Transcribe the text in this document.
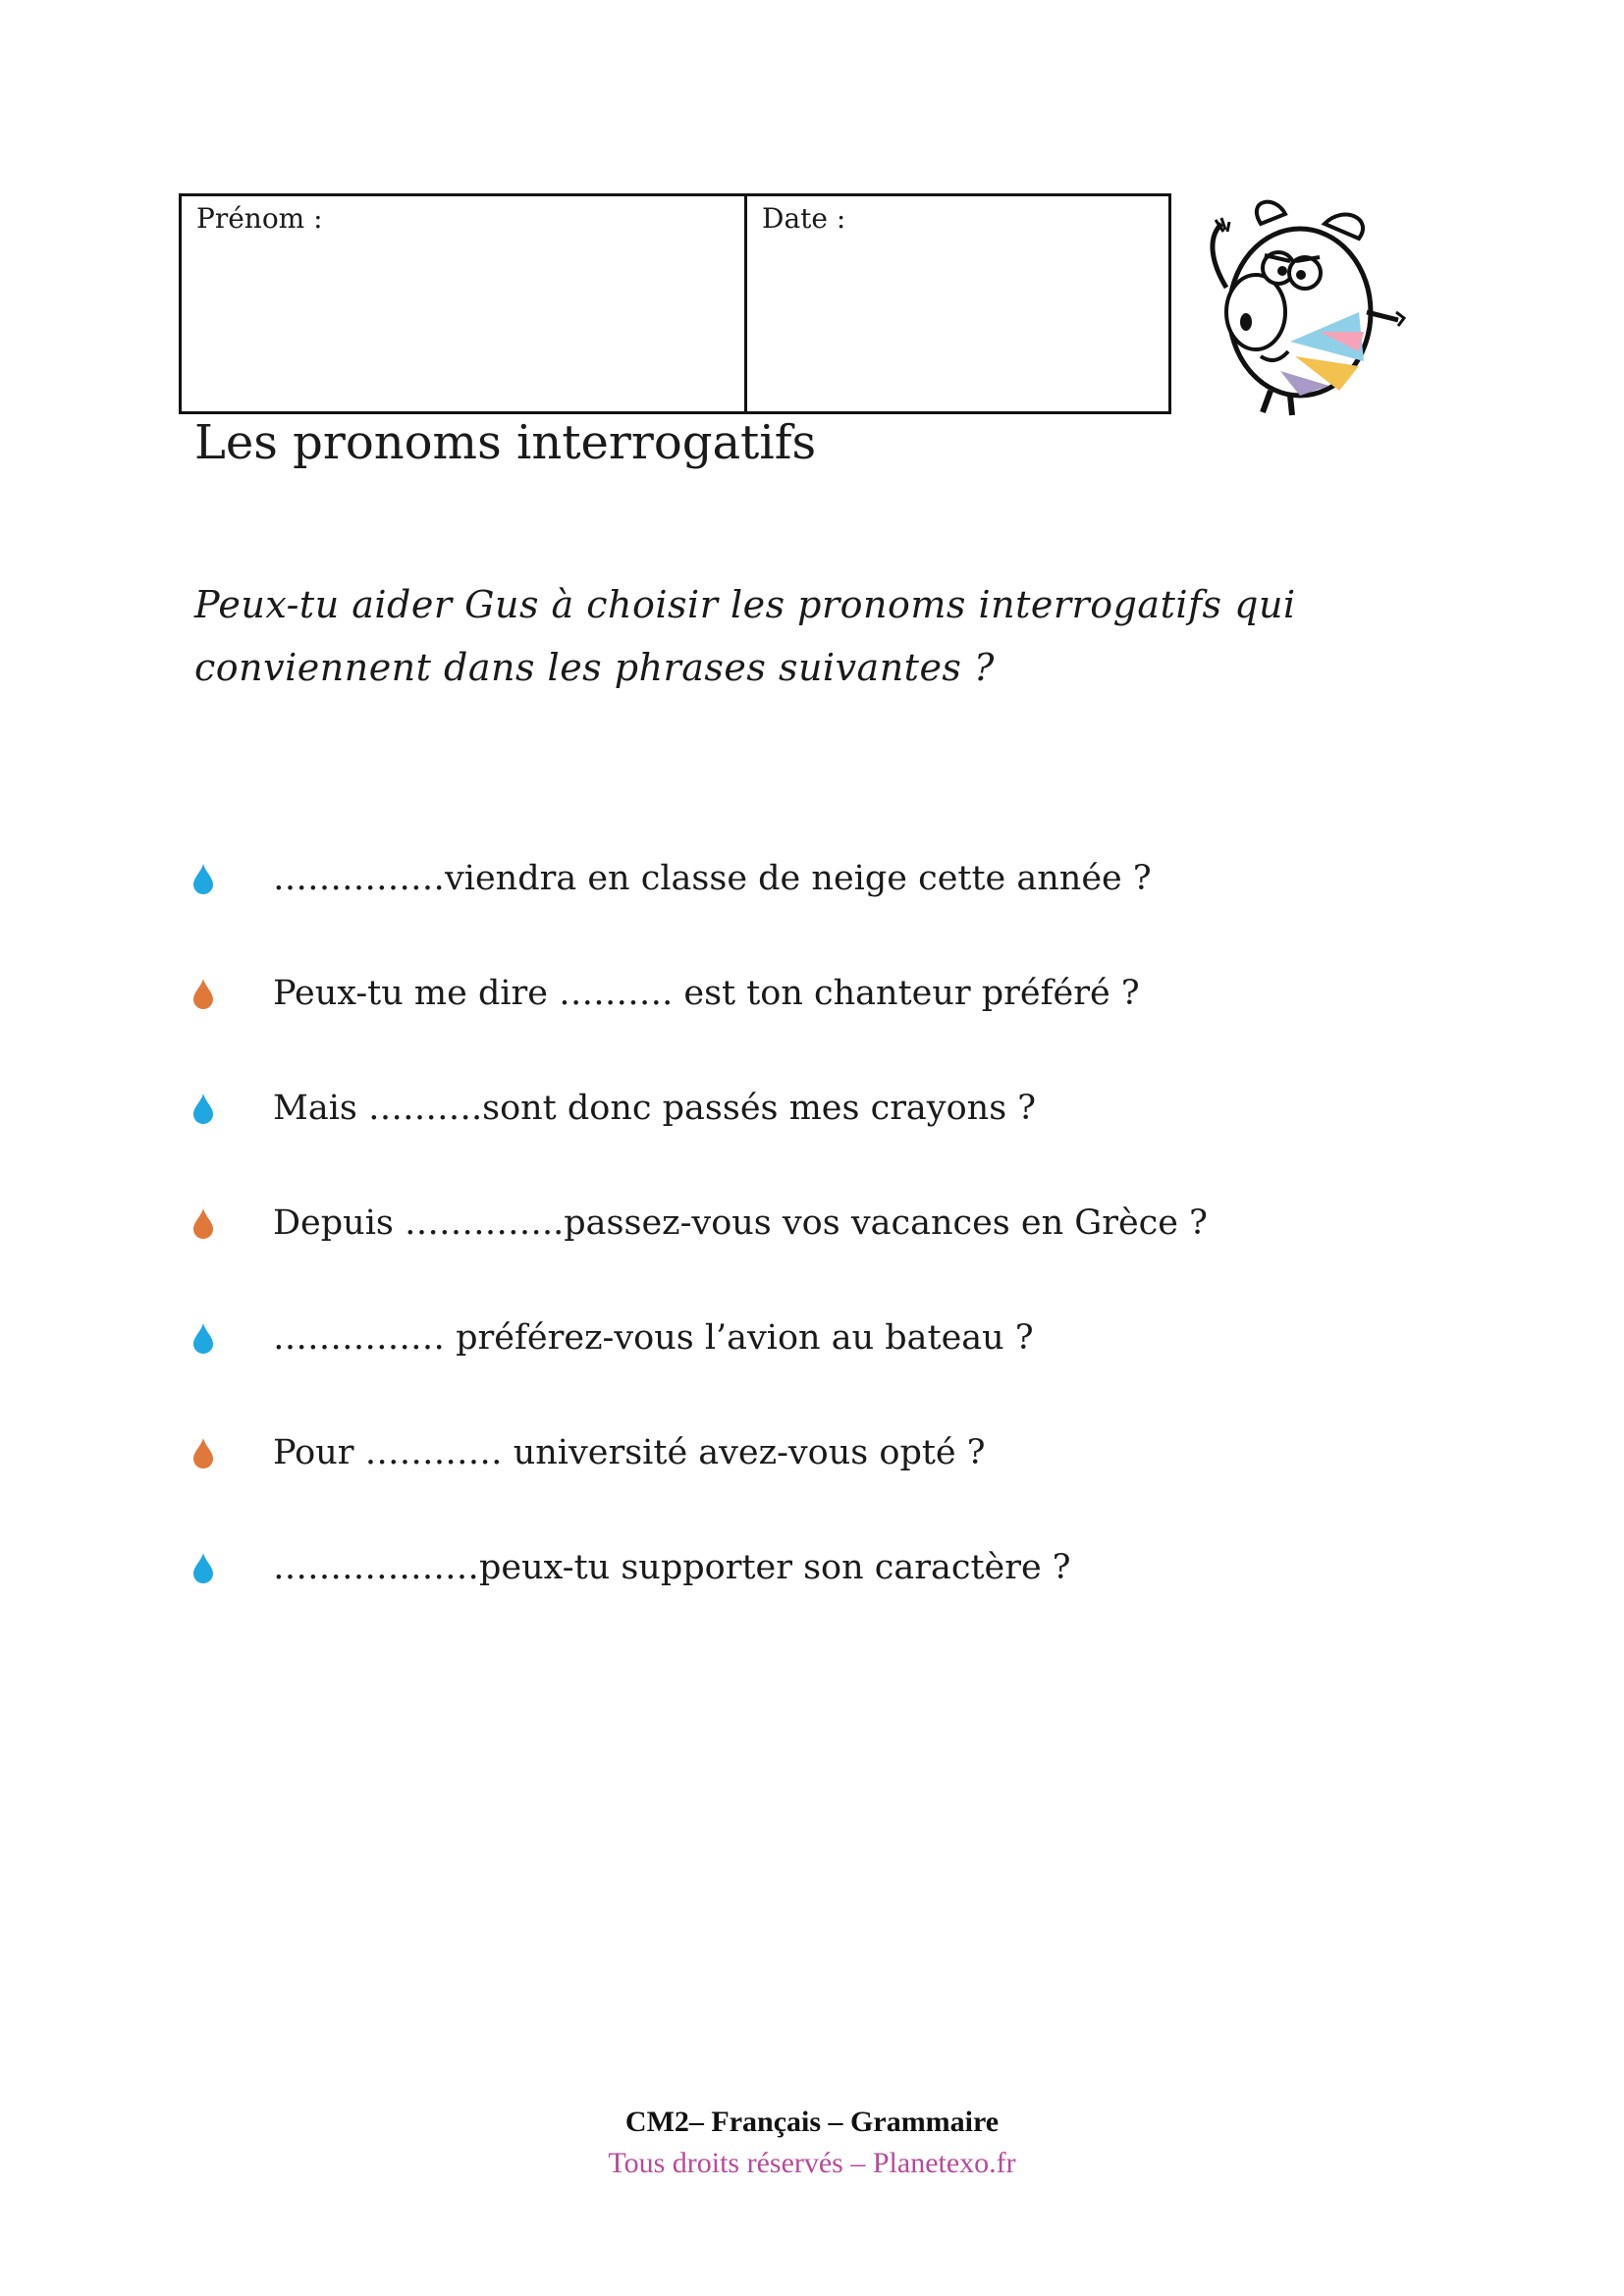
Prénom :	Date :
Les pronoms interrogatifs
Peux-tu aider Gus à choisir les pronoms interrogatifs qui
conviennent dans les phrases suivantes ?
……………viendra en classe de neige cette année ?
Peux-tu me dire ………. est ton chanteur préféré ?
Mais ……….sont donc passés mes crayons ?
Depuis …………..passez-vous vos vacances en Grèce ?
…………… préférez-vous l’avion au bateau ?
Pour ………… université avez-vous opté ?
………………peux-tu supporter son caractère ?
CM2– Français – Grammaire
Tous droits réservés – Planetexo.fr
